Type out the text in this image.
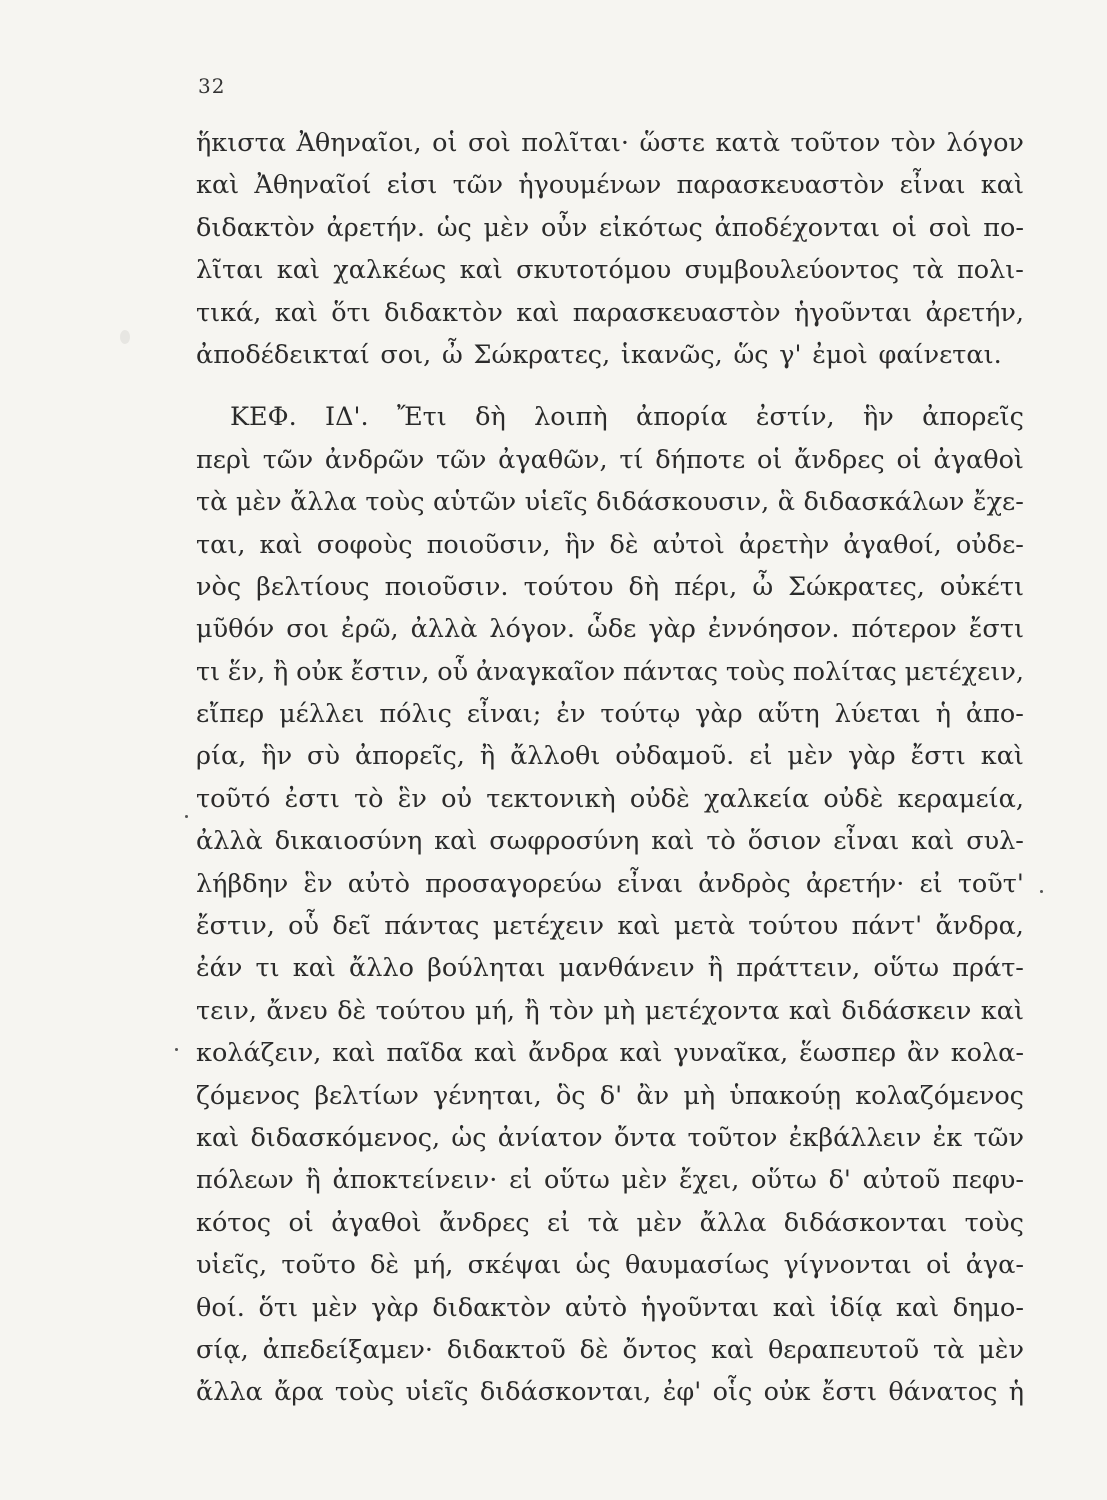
32
ἥκιστα Ἀθηναῖοι, οἱ σοὶ πολῖται· ὥστε κατὰ τοῦτον τὸν λόγον
καὶ Ἀθηναῖοί εἰσι τῶν ἡγουμένων παρασκευαστὸν εἶναι καὶ
διδακτὸν ἀρετήν. ὡς μὲν οὖν εἰκότως ἀποδέχονται οἱ σοὶ πο-
λῖται καὶ χαλκέως καὶ σκυτοτόμου συμβουλεύοντος τὰ πολι-
τικά, καὶ ὅτι διδακτὸν καὶ παρασκευαστὸν ἡγοῦνται ἀρετήν,
ἀποδέδεικταί σοι, ὦ Σώκρατες, ἱκανῶς, ὥς γ' ἐμοὶ φαίνεται.
ΚΕΦ. ΙΔ'. Ἔτι δὴ λοιπὴ ἀπορία ἐστίν, ἣν ἀπορεῖς
περὶ τῶν ἀνδρῶν τῶν ἀγαθῶν, τί δήποτε οἱ ἄνδρες οἱ ἀγαθοὶ
τὰ μὲν ἄλλα τοὺς αὑτῶν υἱεῖς διδάσκουσιν, ἃ διδασκάλων ἔχε-
ται, καὶ σοφοὺς ποιοῦσιν, ἣν δὲ αὐτοὶ ἀρετὴν ἀγαθοί, οὐδε-
νὸς βελτίους ποιοῦσιν. τούτου δὴ πέρι, ὦ Σώκρατες, οὐκέτι
μῦθόν σοι ἐρῶ, ἀλλὰ λόγον. ὧδε γὰρ ἐννόησον. πότερον ἔστι
τι ἕν, ἢ οὐκ ἔστιν, οὗ ἀναγκαῖον πάντας τοὺς πολίτας μετέχειν,
εἴπερ μέλλει πόλις εἶναι; ἐν τούτῳ γὰρ αὕτη λύεται ἡ ἀπο-
ρία, ἣν σὺ ἀπορεῖς, ἢ ἄλλοθι οὐδαμοῦ. εἰ μὲν γὰρ ἔστι καὶ
τοῦτό ἐστι τὸ ἓν οὐ τεκτονικὴ οὐδὲ χαλκεία οὐδὲ κεραμεία,
ἀλλὰ δικαιοσύνη καὶ σωφροσύνη καὶ τὸ ὅσιον εἶναι καὶ συλ-
λήβδην ἓν αὐτὸ προσαγορεύω εἶναι ἀνδρὸς ἀρετήν· εἰ τοῦτ'
ἔστιν, οὗ δεῖ πάντας μετέχειν καὶ μετὰ τούτου πάντ' ἄνδρα,
ἐάν τι καὶ ἄλλο βούληται μανθάνειν ἢ πράττειν, οὕτω πράτ-
τειν, ἄνευ δὲ τούτου μή, ἢ τὸν μὴ μετέχοντα καὶ διδάσκειν καὶ
κολάζειν, καὶ παῖδα καὶ ἄνδρα καὶ γυναῖκα, ἕωσπερ ἂν κολα-
ζόμενος βελτίων γένηται, ὃς δ' ἂν μὴ ὑπακούῃ κολαζόμενος
καὶ διδασκόμενος, ὡς ἀνίατον ὄντα τοῦτον ἐκβάλλειν ἐκ τῶν
πόλεων ἢ ἀποκτείνειν· εἰ οὕτω μὲν ἔχει, οὕτω δ' αὐτοῦ πεφυ-
κότος οἱ ἀγαθοὶ ἄνδρες εἰ τὰ μὲν ἄλλα διδάσκονται τοὺς
υἱεῖς, τοῦτο δὲ μή, σκέψαι ὡς θαυμασίως γίγνονται οἱ ἀγα-
θοί. ὅτι μὲν γὰρ διδακτὸν αὐτὸ ἡγοῦνται καὶ ἰδίᾳ καὶ δημο-
σίᾳ, ἀπεδείξαμεν· διδακτοῦ δὲ ὄντος καὶ θεραπευτοῦ τὰ μὲν
ἄλλα ἄρα τοὺς υἱεῖς διδάσκονται, ἐφ' οἷς οὐκ ἔστι θάνατος ἡ
